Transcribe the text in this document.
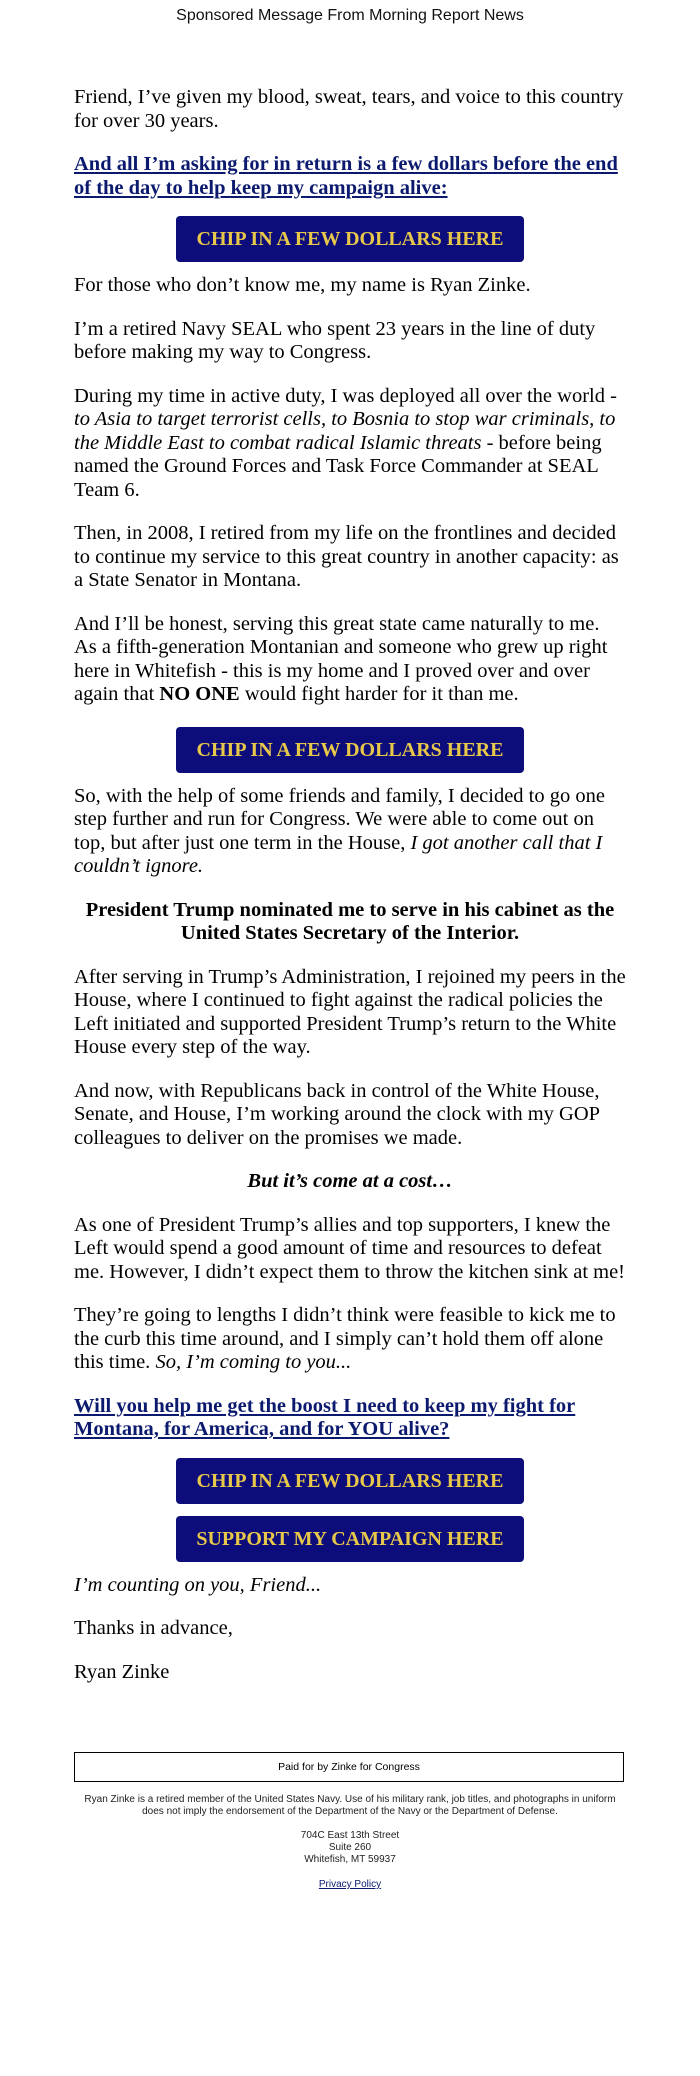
Sponsored Message From Morning Report News

Friend, I’ve given my blood, sweat, tears, and voice to this country for over 30 years.

And all I’m asking for in return is a few dollars before the end of the day to help keep my campaign alive:
CHIP IN A FEW DOLLARS HERE

For those who don’t know me, my name is Ryan Zinke.

I’m a retired Navy SEAL who spent 23 years in the line of duty before making my way to Congress.

During my time in active duty, I was deployed all over the world - to Asia to target terrorist cells, to Bosnia to stop war criminals, to the Middle East to combat radical Islamic threats - before being named the Ground Forces and Task Force Commander at SEAL Team 6.

Then, in 2008, I retired from my life on the frontlines and decided to continue my service to this great country in another capacity: as a State Senator in Montana.

And I’ll be honest, serving this great state came naturally to me. As a fifth-generation Montanian and someone who grew up right here in Whitefish - this is my home and I proved over and over again that NO ONE would fight harder for it than me.

CHIP IN A FEW DOLLARS HERE

So, with the help of some friends and family, I decided to go one step further and run for Congress. We were able to come out on top, but after just one term in the House, I got another call that I couldn’t ignore.

President Trump nominated me to serve in his cabinet as the United States Secretary of the Interior.

After serving in Trump’s Administration, I rejoined my peers in the House, where I continued to fight against the radical policies the Left initiated and supported President Trump’s return to the White House every step of the way.

And now, with Republicans back in control of the White House, Senate, and House, I’m working around the clock with my GOP colleagues to deliver on the promises we made.

But it’s come at a cost…

As one of President Trump’s allies and top supporters, I knew the Left would spend a good amount of time and resources to defeat me. However, I didn’t expect them to throw the kitchen sink at me!

They’re going to lengths I didn’t think were feasible to kick me to the curb this time around, and I simply can’t hold them off alone this time. So, I’m coming to you...

Will you help me get the boost I need to keep my fight for Montana, for America, and for YOU alive?
CHIP IN A FEW DOLLARS HERE
SUPPORT MY CAMPAIGN HERE

I’m counting on you, Friend...

Thanks in advance,

Ryan Zinke

Paid for by Zinke for Congress
Ryan Zinke is a retired member of the United States Navy. Use of his military rank, job titles, and photographs in uniform does not imply the endorsement of the Department of the Navy or the Department of Defense.
704C East 13th Street
Suite 260
Whitefish, MT 59937
Privacy Policy
